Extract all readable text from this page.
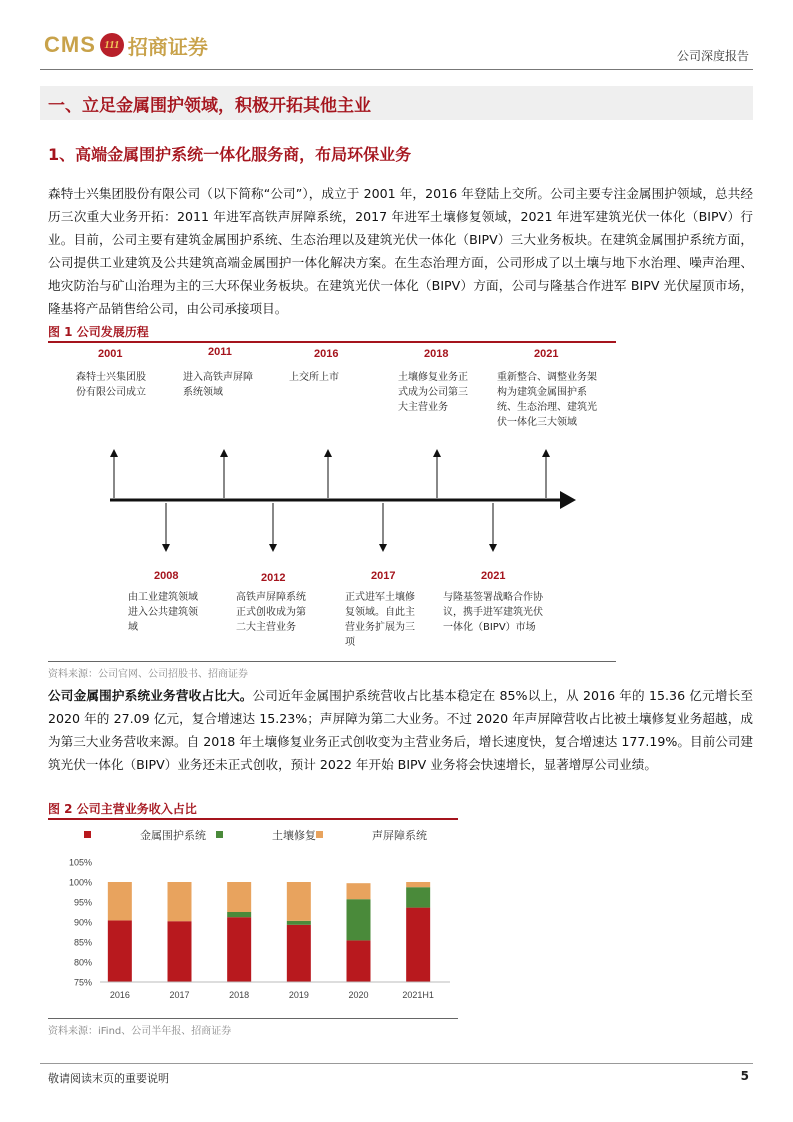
CMS 111 招商证券	公司深度报告
一、立足金属围护领域，积极开拓其他主业
1、高端金属围护系统一体化服务商，布局环保业务
森特士兴集团股份有限公司（以下简称“公司”），成立于 2001 年，2016 年登陆上交所。公司主要专注金属围护领域，总共经历三次重大业务开拓：2011 年进军高铁声屏障系统，2017 年进军土壤修复领域，2021 年进军建筑光伏一体化（BIPV）行业。目前，公司主要有建筑金属围护系统、生态治理以及建筑光伏一体化（BIPV）三大业务板块。在建筑金属围护系统方面，公司提供工业建筑及公共建筑高端金属围护一体化解决方案。在生态治理方面，公司形成了以土壤与地下水治理、噪声治理、地灾防治与矿山治理为主的三大环保业务板块。在建筑光伏一体化（BIPV）方面，公司与隆基合作进军 BIPV 光伏屋顶市场，隆基将产品销售给公司，由公司承接项目。
图 1 公司发展历程
2001
森特士兴集团股份有限公司成立
2011
进入高铁声屏障系统领域
2016
上交所上市
2018
土壤修复业务正式成为公司第三大主营业务
2021
重新整合、调整业务架构为建筑金属围护系统、生态治理、建筑光伏一体化三大领域
2008
由工业建筑领域进入公共建筑领域
2012
高铁声屏障系统正式创收成为第二大主营业务
2017
正式进军土壤修复领域。自此主营业务扩展为三项
2021
与隆基签署战略合作协议，携手进军建筑光伏一体化（BIPV）市场
资料来源：公司官网、公司招股书、招商证券
公司金属围护系统业务营收占比大。公司近年金属围护系统营收占比基本稳定在 85%以上，从 2016 年的 15.36 亿元增长至 2020 年的 27.09 亿元，复合增速达 15.23%；声屏障为第二大业务。不过 2020 年声屏障营收占比被土壤修复业务超越，成为第三大业务营收来源。自 2018 年土壤修复业务正式创收变为主营业务后，增长速度快，复合增速达 177.19%。目前公司建筑光伏一体化（BIPV）业务还未正式创收，预计 2022 年开始 BIPV 业务将会快速增长，显著增厚公司业绩。
图 2 公司主营业务收入占比
金属围护系统	土壤修复	声屏障系统
105%
100%
95%
90%
85%
80%
75%
2016	2017	2018	2019	2020	2021H1
资料来源：iFind、公司半年报、招商证券
敬请阅读末页的重要说明	5
